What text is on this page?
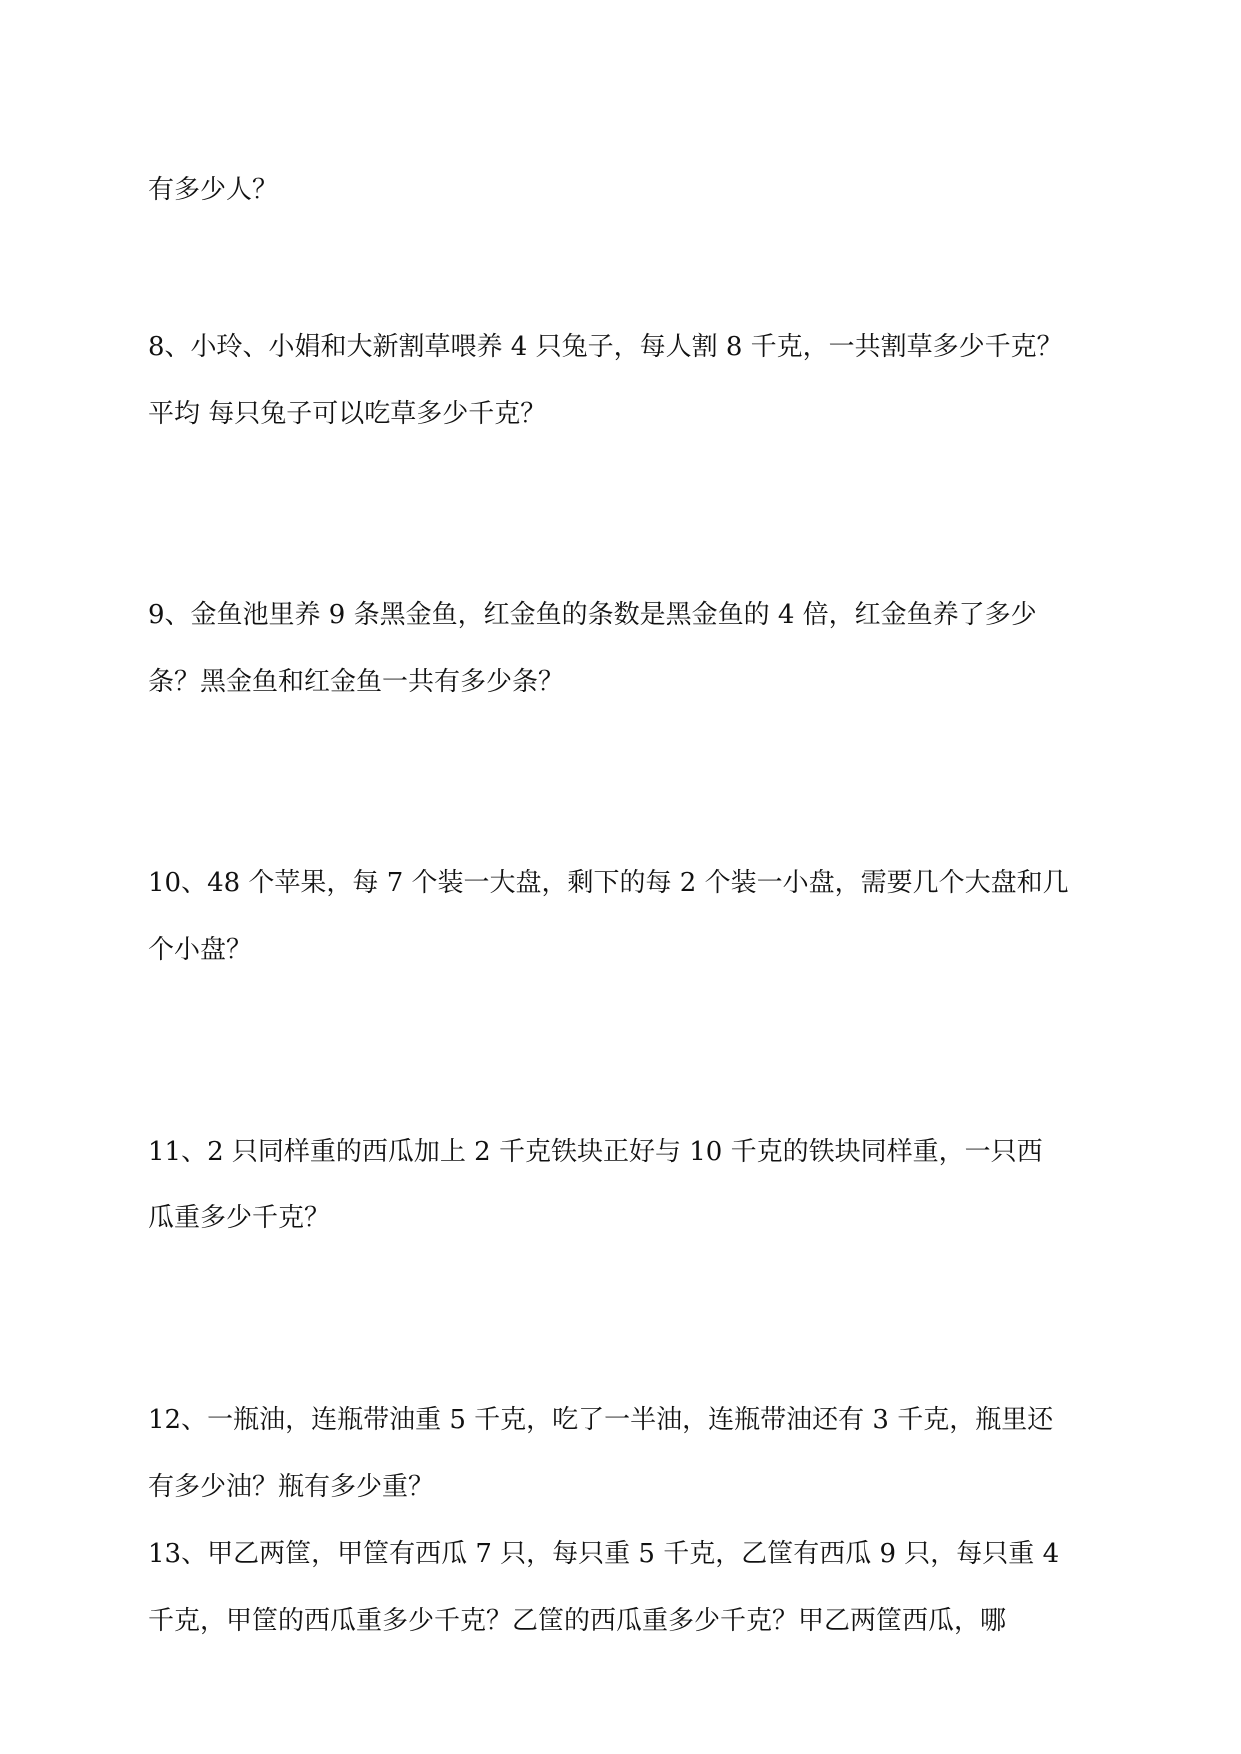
有多少人？
8、小玲、小娟和大新割草喂养 4 只兔子，每人割 8 千克，一共割草多少千克？
平均 每只兔子可以吃草多少千克？
9、金鱼池里养 9 条黑金鱼，红金鱼的条数是黑金鱼的 4 倍，红金鱼养了多少
条？黑金鱼和红金鱼一共有多少条？
10、48 个苹果，每 7 个装一大盘，剩下的每 2 个装一小盘，需要几个大盘和几
个小盘？
11、2 只同样重的西瓜加上 2 千克铁块正好与 10 千克的铁块同样重，一只西
瓜重多少千克？
12、一瓶油，连瓶带油重 5 千克，吃了一半油，连瓶带油还有 3 千克，瓶里还
有多少油？瓶有多少重？
13、甲乙两筐，甲筐有西瓜 7 只，每只重 5 千克，乙筐有西瓜 9 只，每只重 4
千克，甲筐的西瓜重多少千克？乙筐的西瓜重多少千克？甲乙两筐西瓜，哪
